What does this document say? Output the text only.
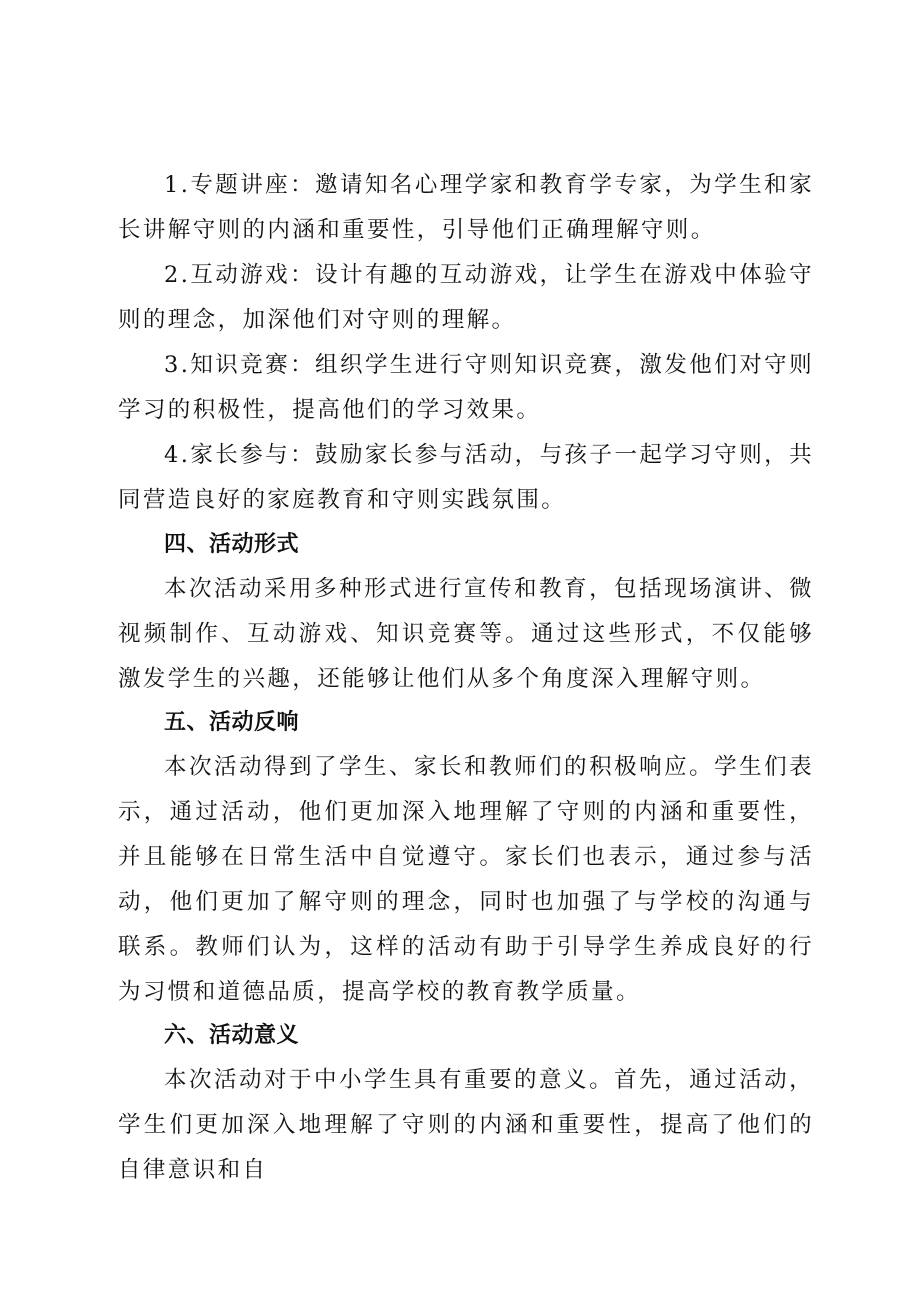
1.专题讲座：邀请知名心理学家和教育学专家，为学生和家长讲解守则的内涵和重要性，引导他们正确理解守则。

2.互动游戏：设计有趣的互动游戏，让学生在游戏中体验守则的理念，加深他们对守则的理解。

3.知识竞赛：组织学生进行守则知识竞赛，激发他们对守则学习的积极性，提高他们的学习效果。

4.家长参与：鼓励家长参与活动，与孩子一起学习守则，共同营造良好的家庭教育和守则实践氛围。

四、活动形式

本次活动采用多种形式进行宣传和教育，包括现场演讲、微视频制作、互动游戏、知识竞赛等。通过这些形式，不仅能够激发学生的兴趣，还能够让他们从多个角度深入理解守则。

五、活动反响

本次活动得到了学生、家长和教师们的积极响应。学生们表示，通过活动，他们更加深入地理解了守则的内涵和重要性，并且能够在日常生活中自觉遵守。家长们也表示，通过参与活动，他们更加了解守则的理念，同时也加强了与学校的沟通与联系。教师们认为，这样的活动有助于引导学生养成良好的行为习惯和道德品质，提高学校的教育教学质量。

六、活动意义

本次活动对于中小学生具有重要的意义。首先，通过活动，学生们更加深入地理解了守则的内涵和重要性，提高了他们的自律意识和自
